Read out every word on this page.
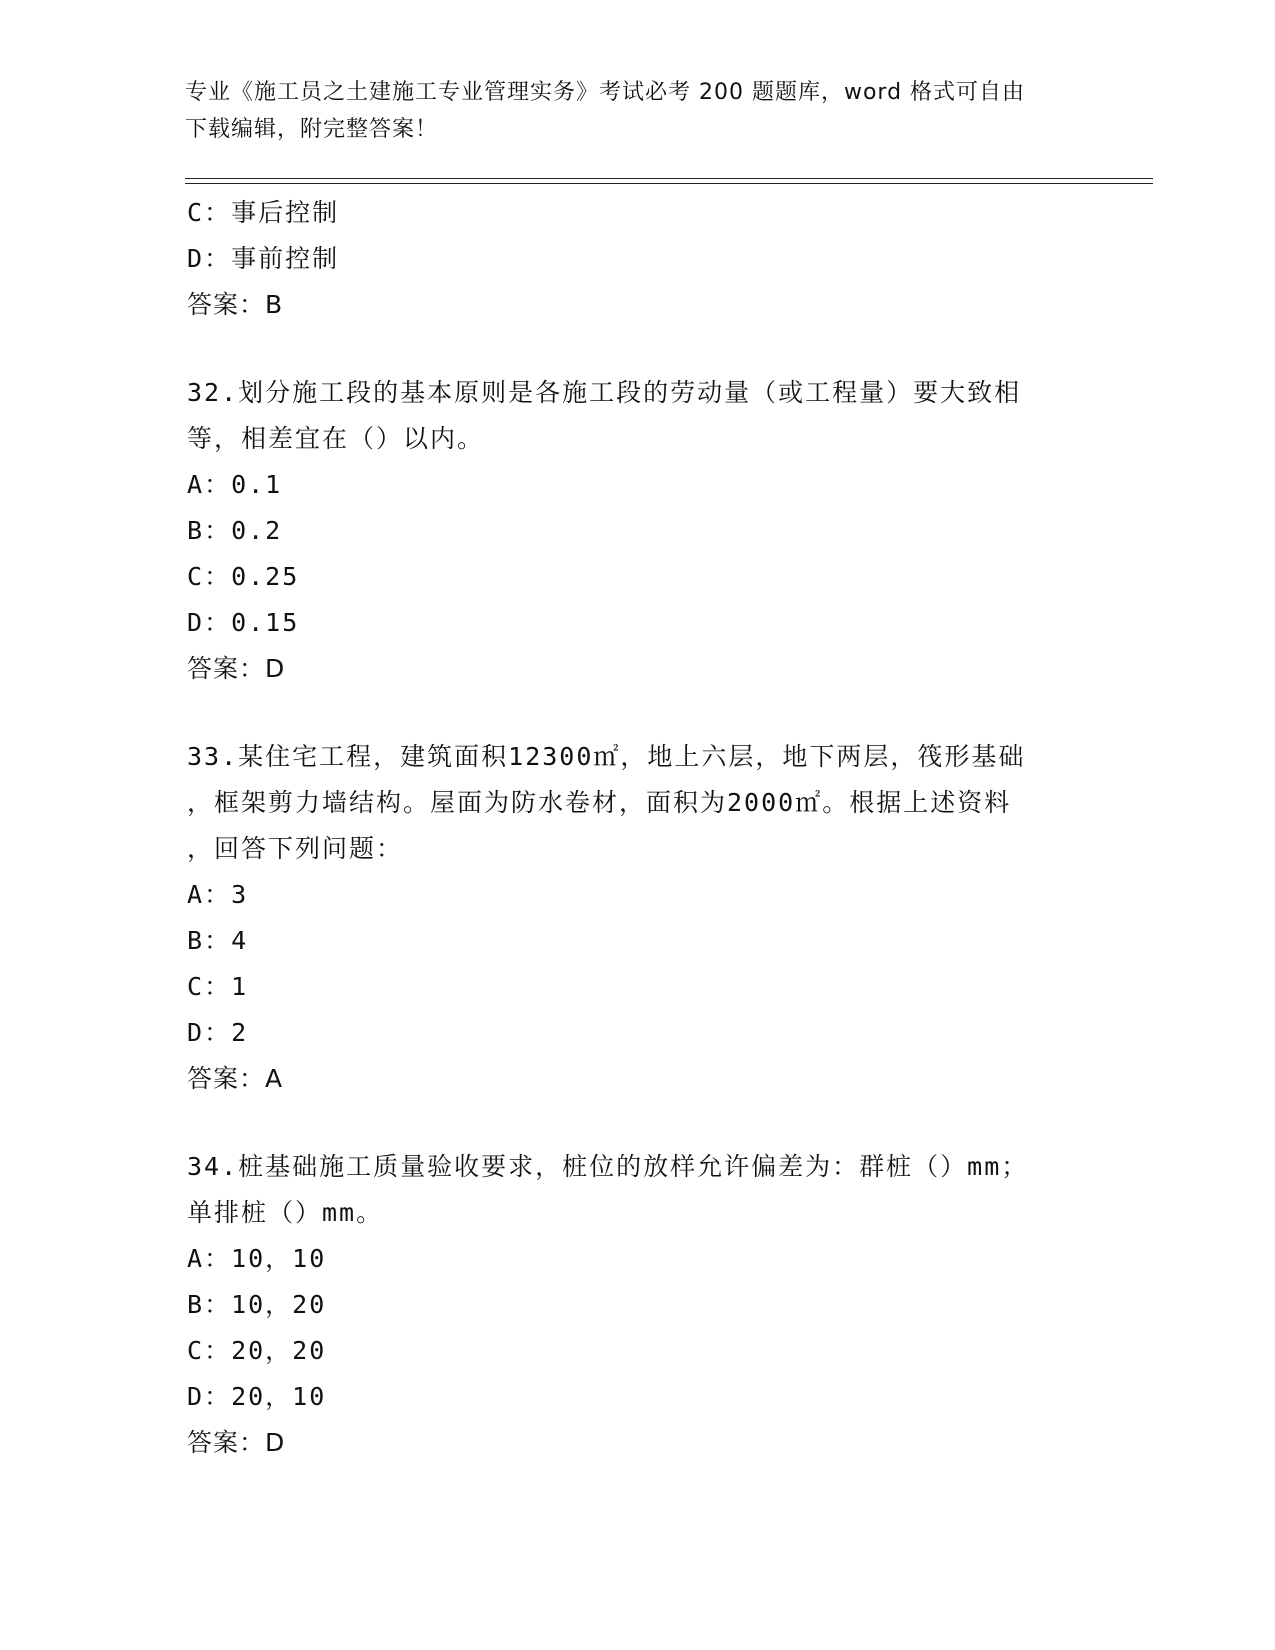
专业《施工员之土建施工专业管理实务》考试必考 200 题题库，word 格式可自由
下载编辑，附完整答案！
C：事后控制
D：事前控制
答案：B
32.划分施工段的基本原则是各施工段的劳动量（或工程量）要大致相
等，相差宜在（）以内。
A：0.1
B：0.2
C：0.25
D：0.15
答案：D
33.某住宅工程，建筑面积12300㎡，地上六层，地下两层，筏形基础
，框架剪力墙结构。屋面为防水卷材，面积为2000㎡。根据上述资料
，回答下列问题：
A：3
B：4
C：1
D：2
答案：A
34.桩基础施工质量验收要求，桩位的放样允许偏差为：群桩（）mm；
单排桩（）mm。
A：10，10
B：10，20
C：20，20
D：20，10
答案：D
